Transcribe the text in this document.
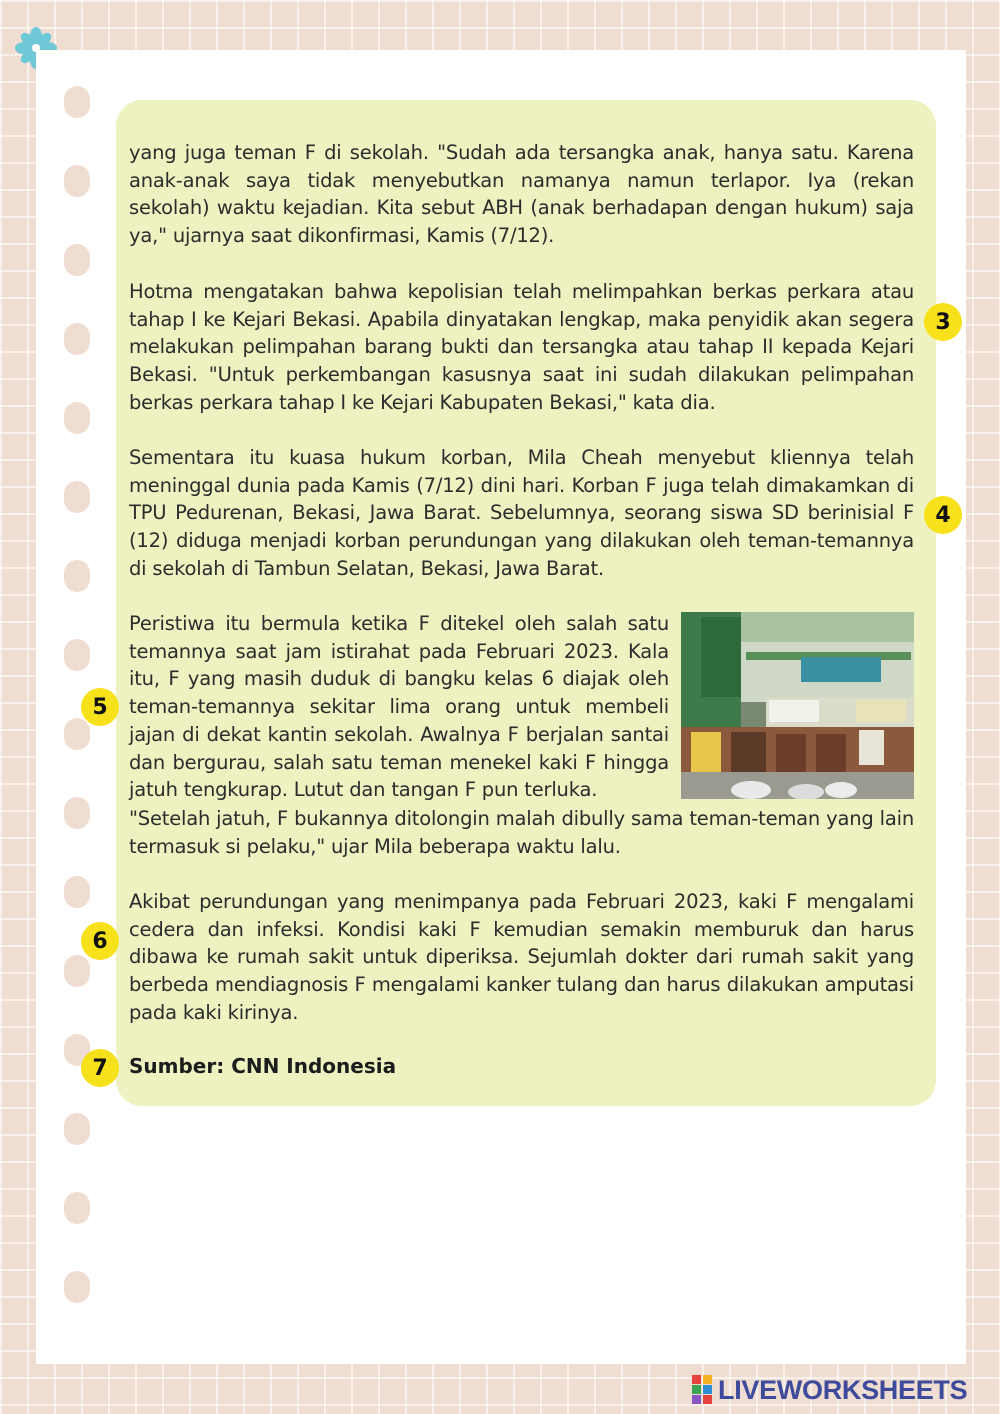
yang juga teman F di sekolah. "Sudah ada tersangka anak, hanya satu. Karena anak-anak saya tidak menyebutkan namanya namun terlapor. Iya (rekan sekolah) waktu kejadian. Kita sebut ABH (anak berhadapan dengan hukum) saja ya," ujarnya saat dikonfirmasi, Kamis (7/12).

Hotma mengatakan bahwa kepolisian telah melimpahkan berkas perkara atau tahap I ke Kejari Bekasi. Apabila dinyatakan lengkap, maka penyidik akan segera melakukan pelimpahan barang bukti dan tersangka atau tahap II kepada Kejari Bekasi. "Untuk perkembangan kasusnya saat ini sudah dilakukan pelimpahan berkas perkara tahap I ke Kejari Kabupaten Bekasi," kata dia.

Sementara itu kuasa hukum korban, Mila Cheah menyebut kliennya telah meninggal dunia pada Kamis (7/12) dini hari. Korban F juga telah dimakamkan di TPU Pedurenan, Bekasi, Jawa Barat. Sebelumnya, seorang siswa SD berinisial F (12) diduga menjadi korban perundungan yang dilakukan oleh teman-temannya di sekolah di Tambun Selatan, Bekasi, Jawa Barat.

Peristiwa itu bermula ketika F ditekel oleh salah satu temannya saat jam istirahat pada Februari 2023. Kala itu, F yang masih duduk di bangku kelas 6 diajak oleh teman-temannya sekitar lima orang untuk membeli jajan di dekat kantin sekolah. Awalnya F berjalan santai dan bergurau, salah satu teman menekel kaki F hingga jatuh tengkurap. Lutut dan tangan F pun terluka.

"Setelah jatuh, F bukannya ditolongin malah dibully sama teman-teman yang lain termasuk si pelaku," ujar Mila beberapa waktu lalu.

Akibat perundungan yang menimpanya pada Februari 2023, kaki F mengalami cedera dan infeksi. Kondisi kaki F kemudian semakin memburuk dan harus dibawa ke rumah sakit untuk diperiksa. Sejumlah dokter dari rumah sakit yang berbeda mendiagnosis F mengalami kanker tulang dan harus dilakukan amputasi pada kaki kirinya.

Sumber: CNN Indonesia

3
4
5
6
7
LIVEWORKSHEETS
